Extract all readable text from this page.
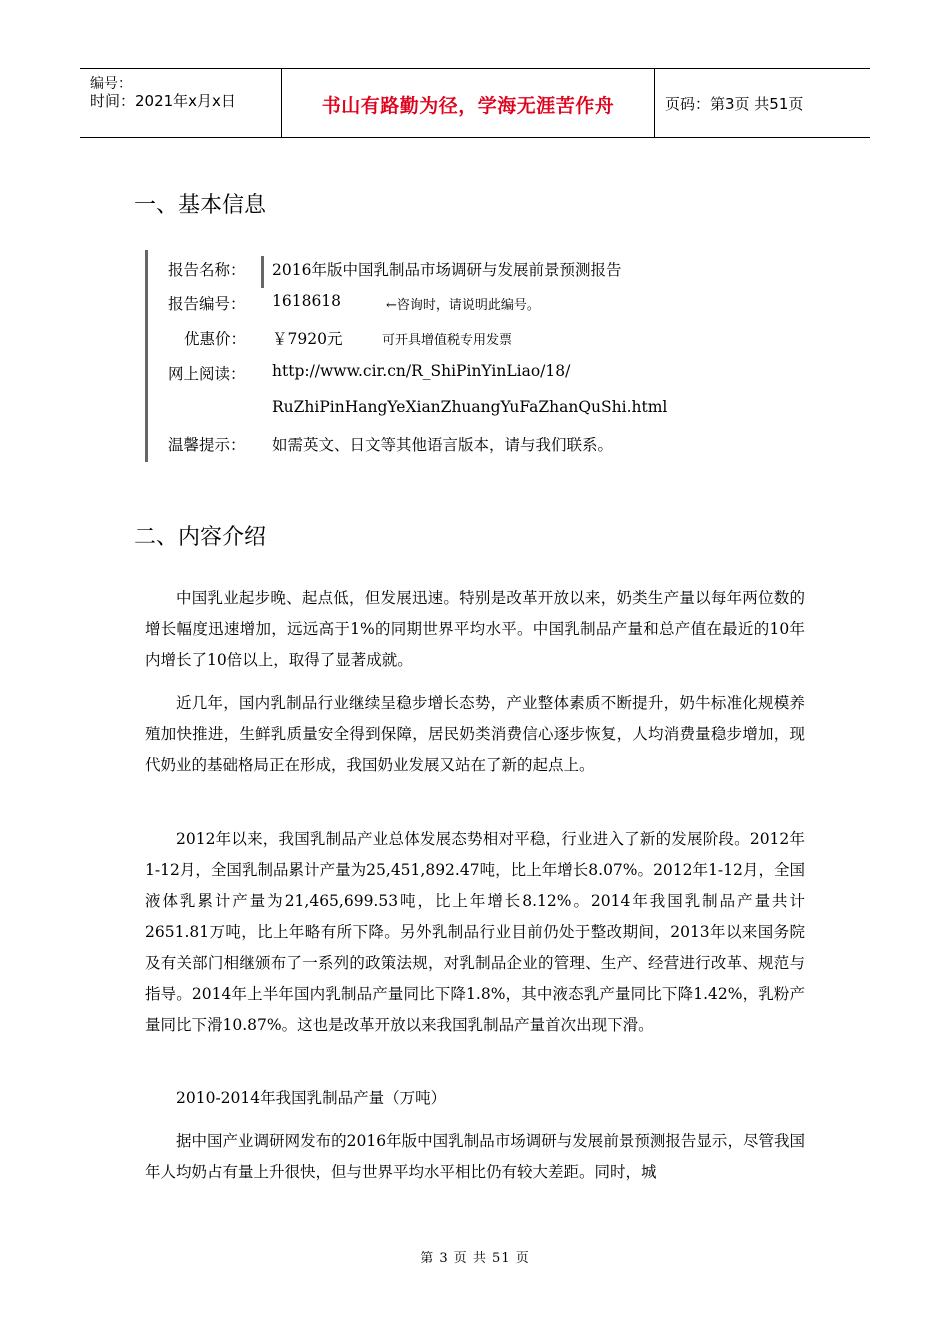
编号：
时间：2021年x月x日	书山有路勤为径，学海无涯苦作舟	页码：第3页 共51页
一、基本信息
报告名称： 2016年版中国乳制品市场调研与发展前景预测报告
报告编号： 1618618	←咨询时，请说明此编号。
优惠价：	￥7920元	可开具增值税专用发票
网上阅读： http://www.cir.cn/R_ShiPinYinLiao/18/
RuZhiPinHangYeXianZhuangYuFaZhanQuShi.html
温馨提示： 如需英文、日文等其他语言版本，请与我们联系。
二、内容介绍

中国乳业起步晚、起点低，但发展迅速。特别是改革开放以来，奶类生产量以每年两位数的增长幅度迅速增加，远远高于1%的同期世界平均水平。中国乳制品产量和总产值在最近的10年内增长了10倍以上，取得了显著成就。

近几年，国内乳制品行业继续呈稳步增长态势，产业整体素质不断提升，奶牛标准化规模养殖加快推进，生鲜乳质量安全得到保障，居民奶类消费信心逐步恢复，人均消费量稳步增加，现代奶业的基础格局正在形成，我国奶业发展又站在了新的起点上。

2012年以来，我国乳制品产业总体发展态势相对平稳，行业进入了新的发展阶段。2012年1-12月，全国乳制品累计产量为25,451,892.47吨，比上年增长8.07%。2012年1-12月，全国液体乳累计产量为21,465,699.53吨，比上年增长8.12%。2014年我国乳制品产量共计2651.81万吨，比上年略有所下降。另外乳制品行业目前仍处于整改期间，2013年以来国务院及有关部门相继颁布了一系列的政策法规，对乳制品企业的管理、生产、经营进行改革、规范与指导。2014年上半年国内乳制品产量同比下降1.8%，其中液态乳产量同比下降1.42%，乳粉产量同比下滑10.87%。这也是改革开放以来我国乳制品产量首次出现下滑。

2010-2014年我国乳制品产量（万吨）

据中国产业调研网发布的2016年版中国乳制品市场调研与发展前景预测报告显示，尽管我国年人均奶占有量上升很快，但与世界平均水平相比仍有较大差距。同时，城

第 3 页 共 51 页
